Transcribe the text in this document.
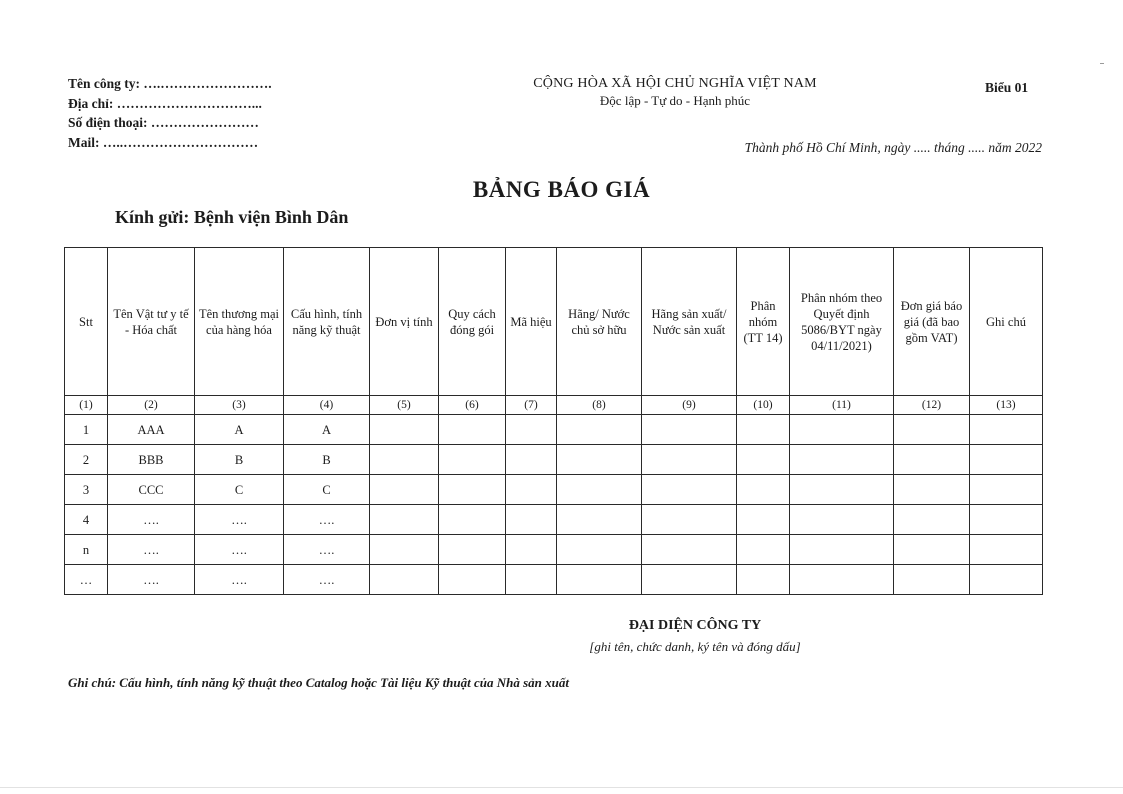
Tên công ty: ….…………………….
Địa chỉ: …………………………...
Số điện thoại: ……………………
Mail: …..…………………………
CỘNG HÒA XÃ HỘI CHỦ NGHĨA VIỆT NAM
Độc lập - Tự do - Hạnh phúc
Biểu 01
Thành phố Hồ Chí Minh, ngày ..... tháng ..... năm 2022
BẢNG BÁO GIÁ
Kính gửi: Bệnh viện Bình Dân
Stt	Tên Vật tư y tế - Hóa chất	Tên thương mại của hàng hóa	Cấu hình, tính năng kỹ thuật	Đơn vị tính	Quy cách đóng gói	Mã hiệu	Hãng/ Nước chủ sở hữu	Hãng sản xuất/ Nước sản xuất	Phân nhóm (TT 14)	Phân nhóm theo Quyết định 5086/BYT ngày 04/11/2021)	Đơn giá báo giá (đã bao gồm VAT)	Ghi chú
(1)	(2)	(3)	(4)	(5)	(6)	(7)	(8)	(9)	(10)	(11)	(12)	(13)
1	AAA	A	A									
2	BBB	B	B									
3	CCC	C	C									
4	….	….	….									
n	….	….	….									
…	….	….	….									
ĐẠI DIỆN CÔNG TY
[ghi tên, chức danh, ký tên và đóng dấu]
Ghi chú: Cấu hình, tính năng kỹ thuật theo Catalog hoặc Tài liệu Kỹ thuật của Nhà sản xuất
